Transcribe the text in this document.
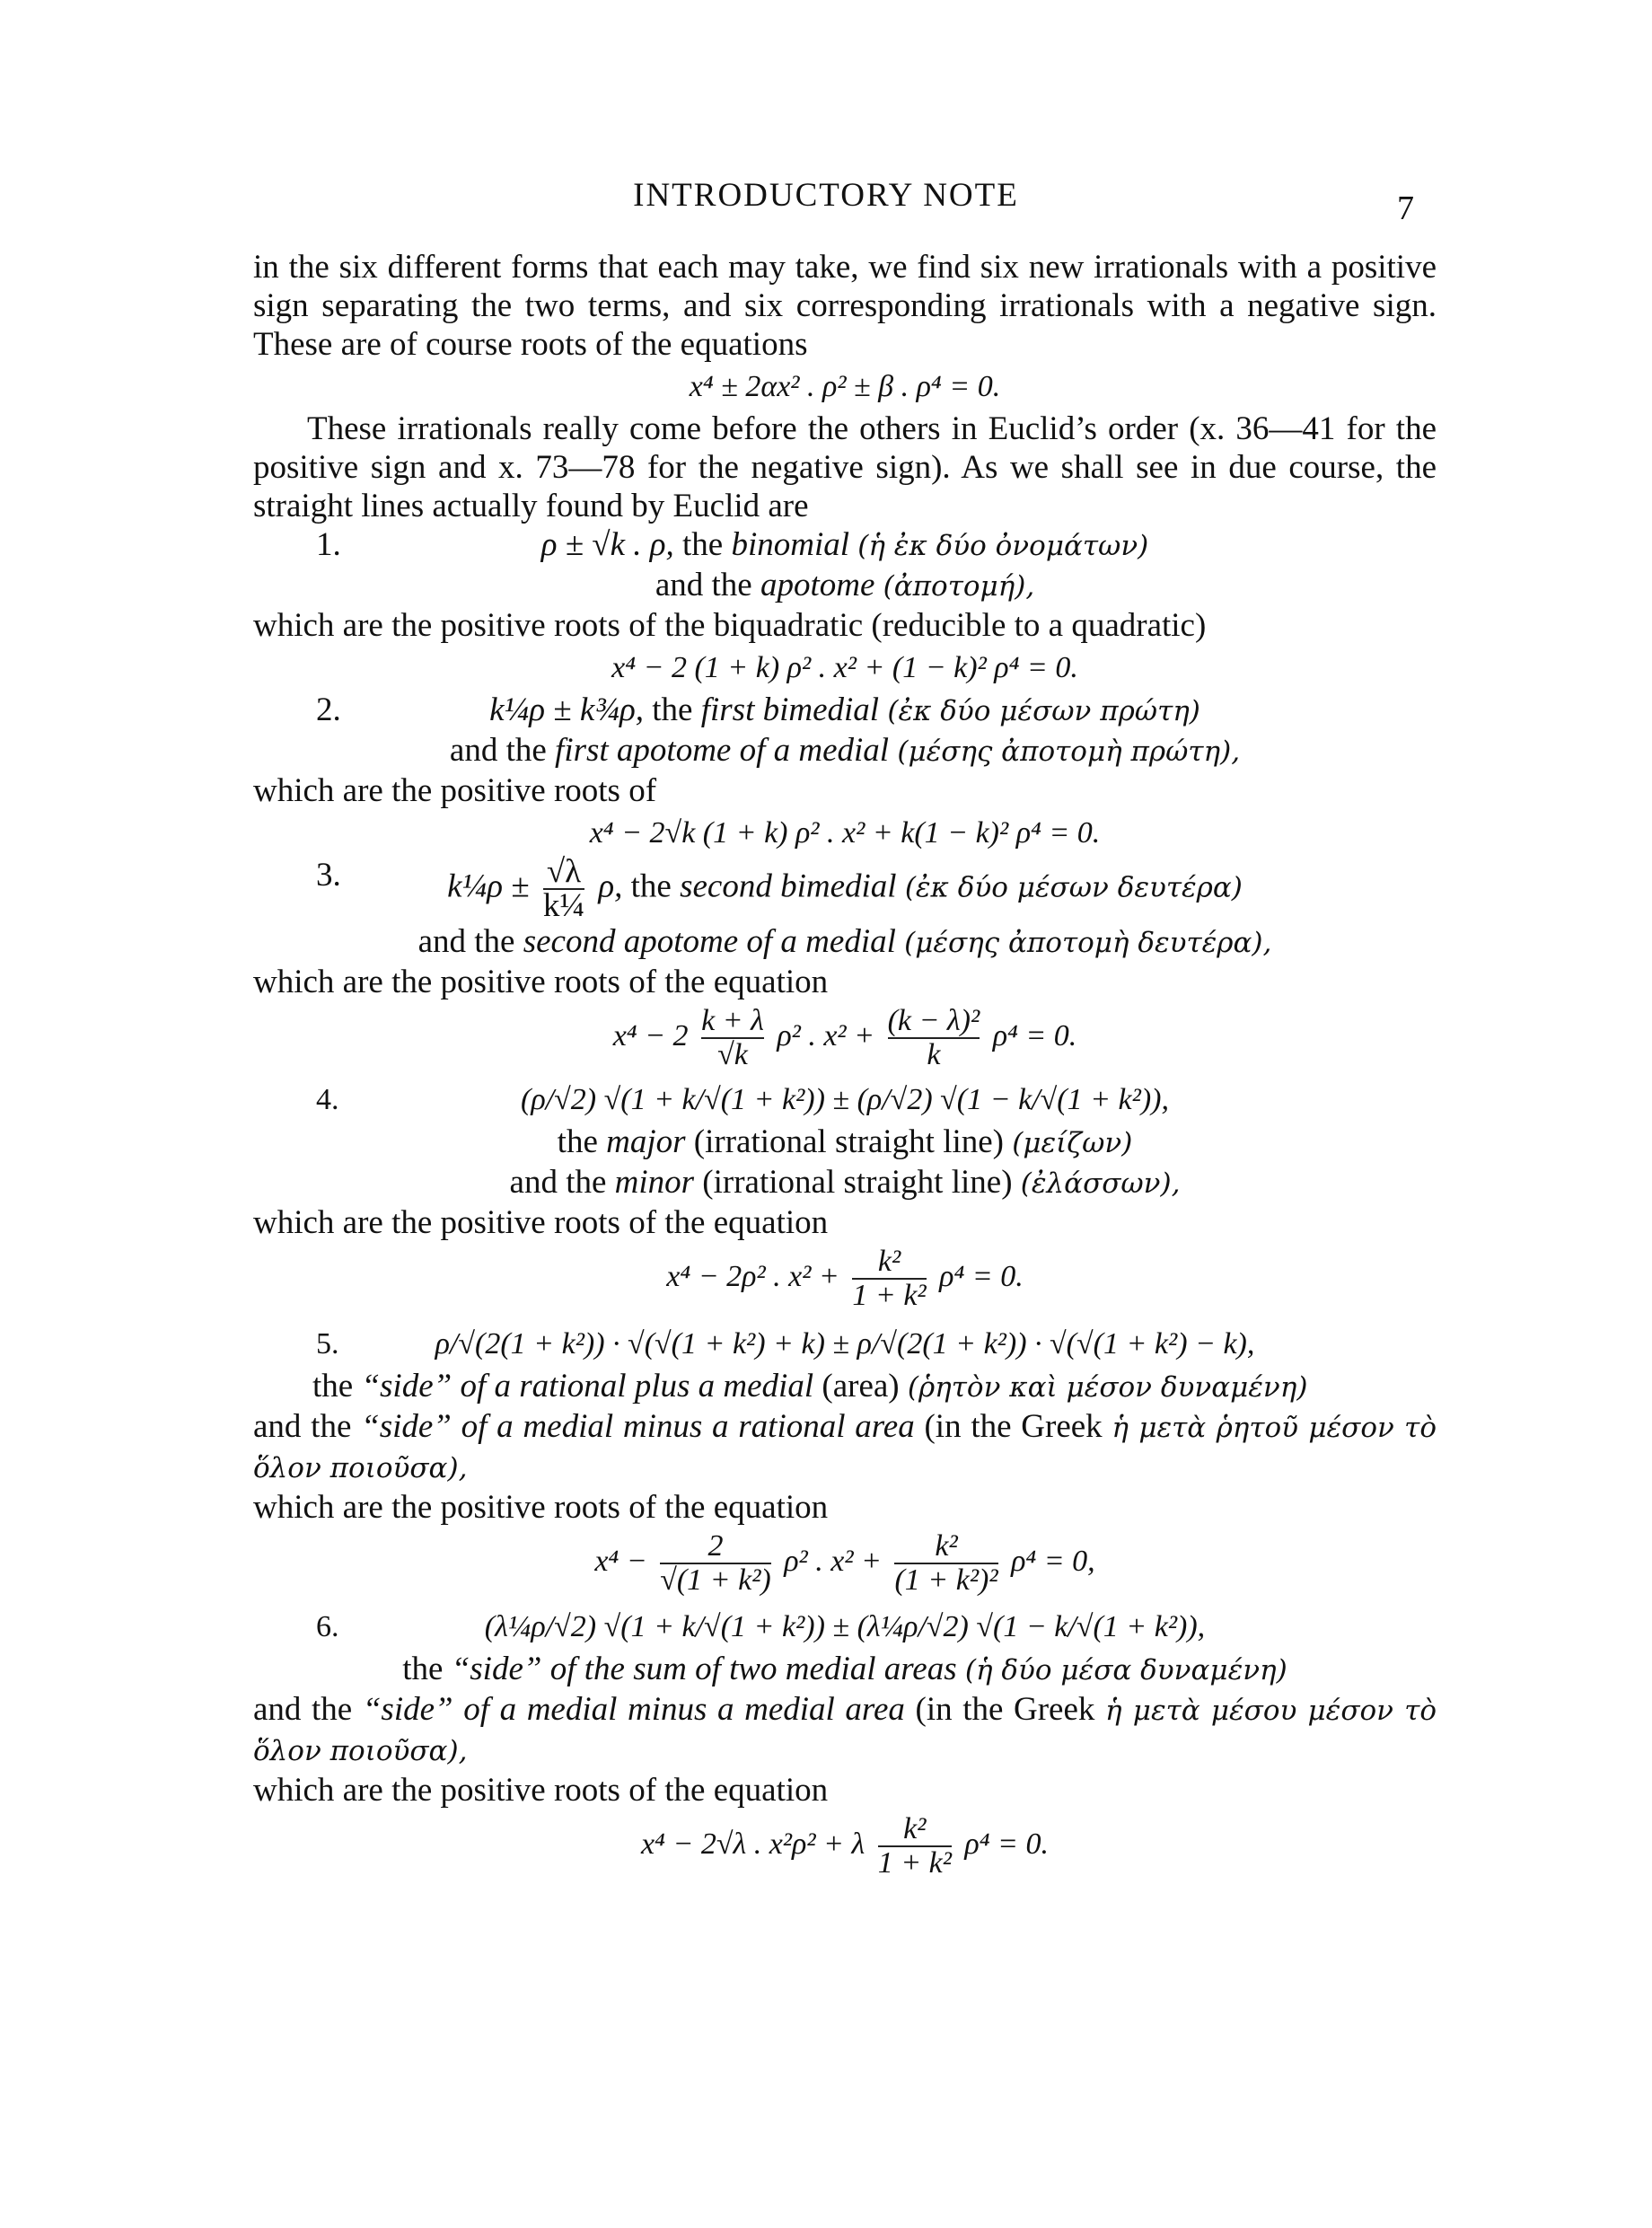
INTRODUCTORY NOTE	7

in the six different forms that each may take, we find six new irrationals with a positive sign separating the two terms, and six corresponding irrationals with a negative sign. These are of course roots of the equations

x⁴ ± 2αx² . ρ² ± β . ρ⁴ = 0.

These irrationals really come before the others in Euclid’s order (x. 36—41 for the positive sign and x. 73—78 for the negative sign). As we shall see in due course, the straight lines actually found by Euclid are

1.	ρ ± √k . ρ, the binomial (ἡ ἐκ δύο ὀνομάτων)
and the apotome (ἀποτομή),

which are the positive roots of the biquadratic (reducible to a quadratic)

x⁴ − 2 (1 + k) ρ² . x² + (1 − k)² ρ⁴ = 0.
2.	k¼ρ ± k¾ρ, the first bimedial (ἐκ δύο μέσων πρώτη)
and the first apotome of a medial (μέσης ἀποτομὴ πρώτη),

which are the positive roots of

x⁴ − 2√k (1 + k) ρ² . x² + k(1 − k)² ρ⁴ = 0.
3.	k¼ρ ± $\frac{√\lambda}{\text{k¼}} \rho$, the second bimedial (ἐκ δύο μέσων δευτέρα)
and the second apotome of a medial (μέσης ἀποτομὴ δευτέρα),

which are the positive roots of the equation

$x^4 - 2 \frac{k + \lambda}{√k} \rho^2$ . $x^2 + \frac{\text{(k − λ)²}}{k} \rho^4 = 0$.
4.	(ρ/√2) √(1 + k/√(1 + k²)) ± (ρ/√2) √(1 − k/√(1 + k²)),
the major (irrational straight line) (μείζων)
and the minor (irrational straight line) (ἐλάσσων),

which are the positive roots of the equation

x⁴ − 2ρ² . $x^2 + \frac{\text{k²}}{\text{1 + k²}} \rho^4 = 0$.
5.	ρ/√(2(1 + k²)) · √(√(1 + k²) + k) ± ρ/√(2(1 + k²)) · √(√(1 + k²) − k),

the “side” of a rational plus a medial (area) (ῥητὸν καὶ μέσον δυναμένη)

and the “side” of a medial minus a rational area (in the Greek ἡ μετὰ ῥητοῦ μέσον τὸ ὅλον ποιοῦσα),

which are the positive roots of the equation

$x^4 - \frac{2}{\text{√(1 + k²)}} \rho^2$ . $x^2 + \frac{\text{k²}}{\text{(1 + k²)²}} \rho^4 = 0$,
6.	(λ¼ρ/√2) √(1 + k/√(1 + k²)) ± (λ¼ρ/√2) √(1 − k/√(1 + k²)),

the “side” of the sum of two medial areas (ἡ δύο μέσα δυναμένη)

and the “side” of a medial minus a medial area (in the Greek ἡ μετὰ μέσου μέσον τὸ ὅλον ποιοῦσα),

which are the positive roots of the equation

x⁴ − 2√λ . x²ρ² + λ $\frac{\text{k²}}{\text{1 + k²}} \rho^4 = 0$.
